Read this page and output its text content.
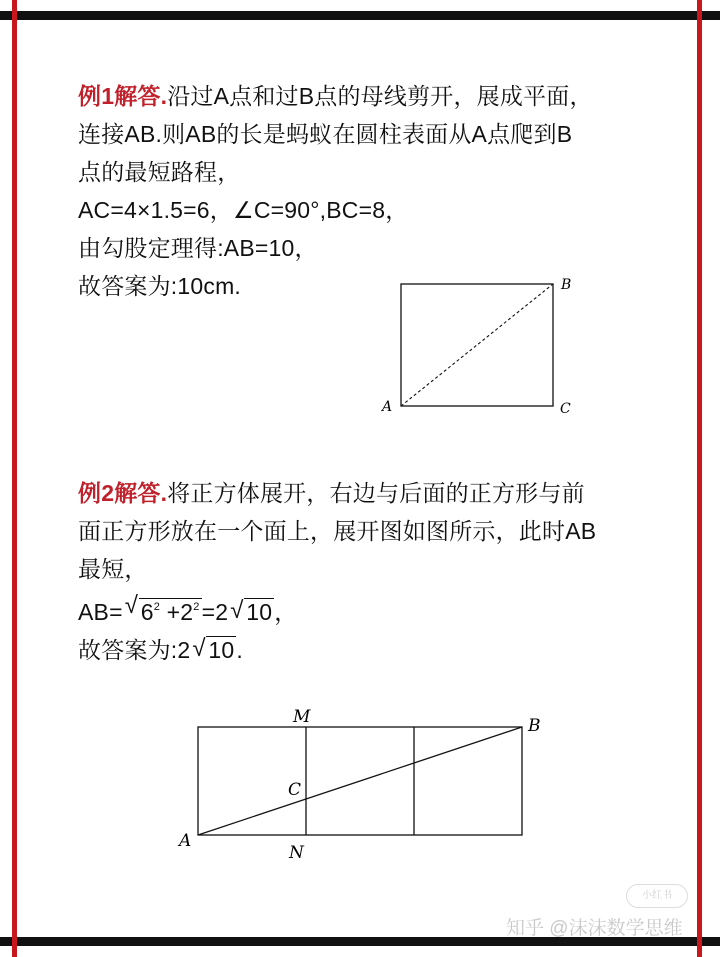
例1解答.沿过A点和过B点的母线剪开，展成平面，
连接AB.则AB的长是蚂蚁在圆柱表面从A点爬到B
点的最短路程，
AC=4×1.5=6，∠C=90°,BC=8，
由勾股定理得:AB=10，
故答案为:10cm.	B
A	C
例2解答.将正方体展开，右边与后面的正方形与前
面正方形放在一个面上，展开图如图所示，此时AB
最短，
AB= √ $6^2 +2^2=2$ √ 10，
故答案为:2 √ 10.
M	B
C
A
N
小红书
知乎 @沫沫数学思维
